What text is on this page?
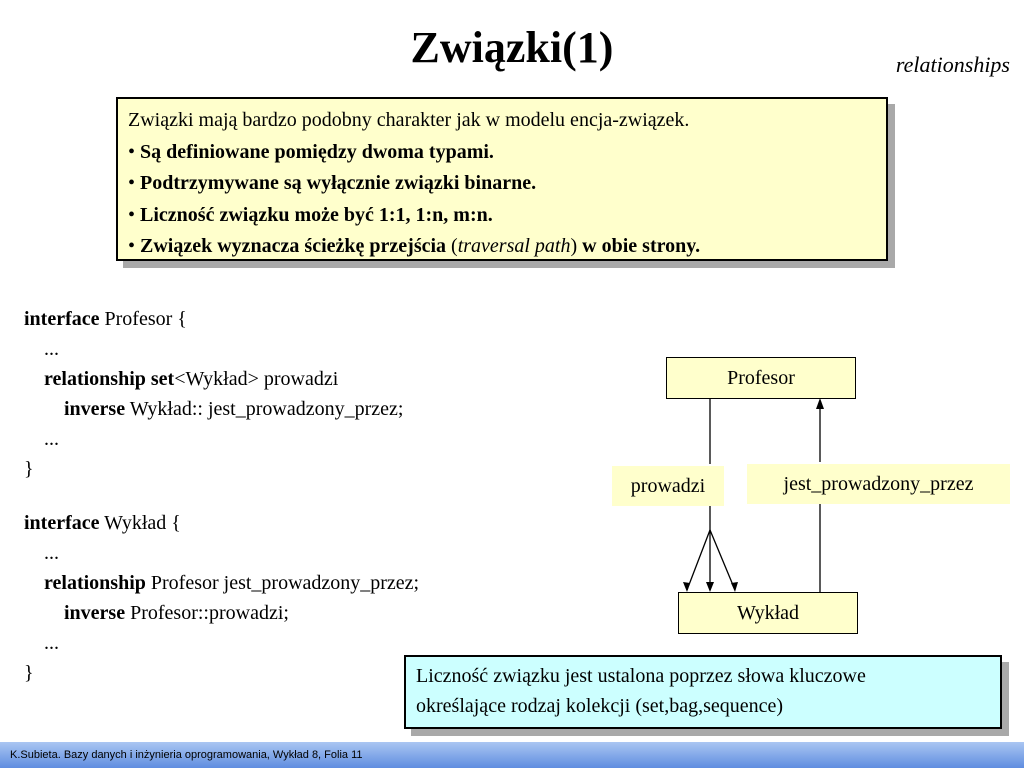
Związki(1)	relationships

Związki mają bardzo podobny charakter jak w modelu encja-związek.

• Są definiowane pomiędzy dwoma typami.

• Podtrzymywane są wyłącznie związki binarne.

• Liczność związku może być 1:1, 1:n, m:n.

• Związek wyznacza ścieżkę przejścia (traversal path) w obie strony.

interface Profesor {
...
relationship set<Wykład> prowadzi
inverse Wykład:: jest_prowadzony_przez;
...
}
interface Wykład {
...
relationship Profesor jest_prowadzony_przez;
inverse Profesor::prowadzi;
...
}
Profesor
Wykład
prowadzi	jest_prowadzony_przez
Liczność związku jest ustalona poprzez słowa kluczowe
określające rodzaj kolekcji (set,bag,sequence)
K.Subieta. Bazy danych i inżynieria oprogramowania, Wykład 8, Folia 11
